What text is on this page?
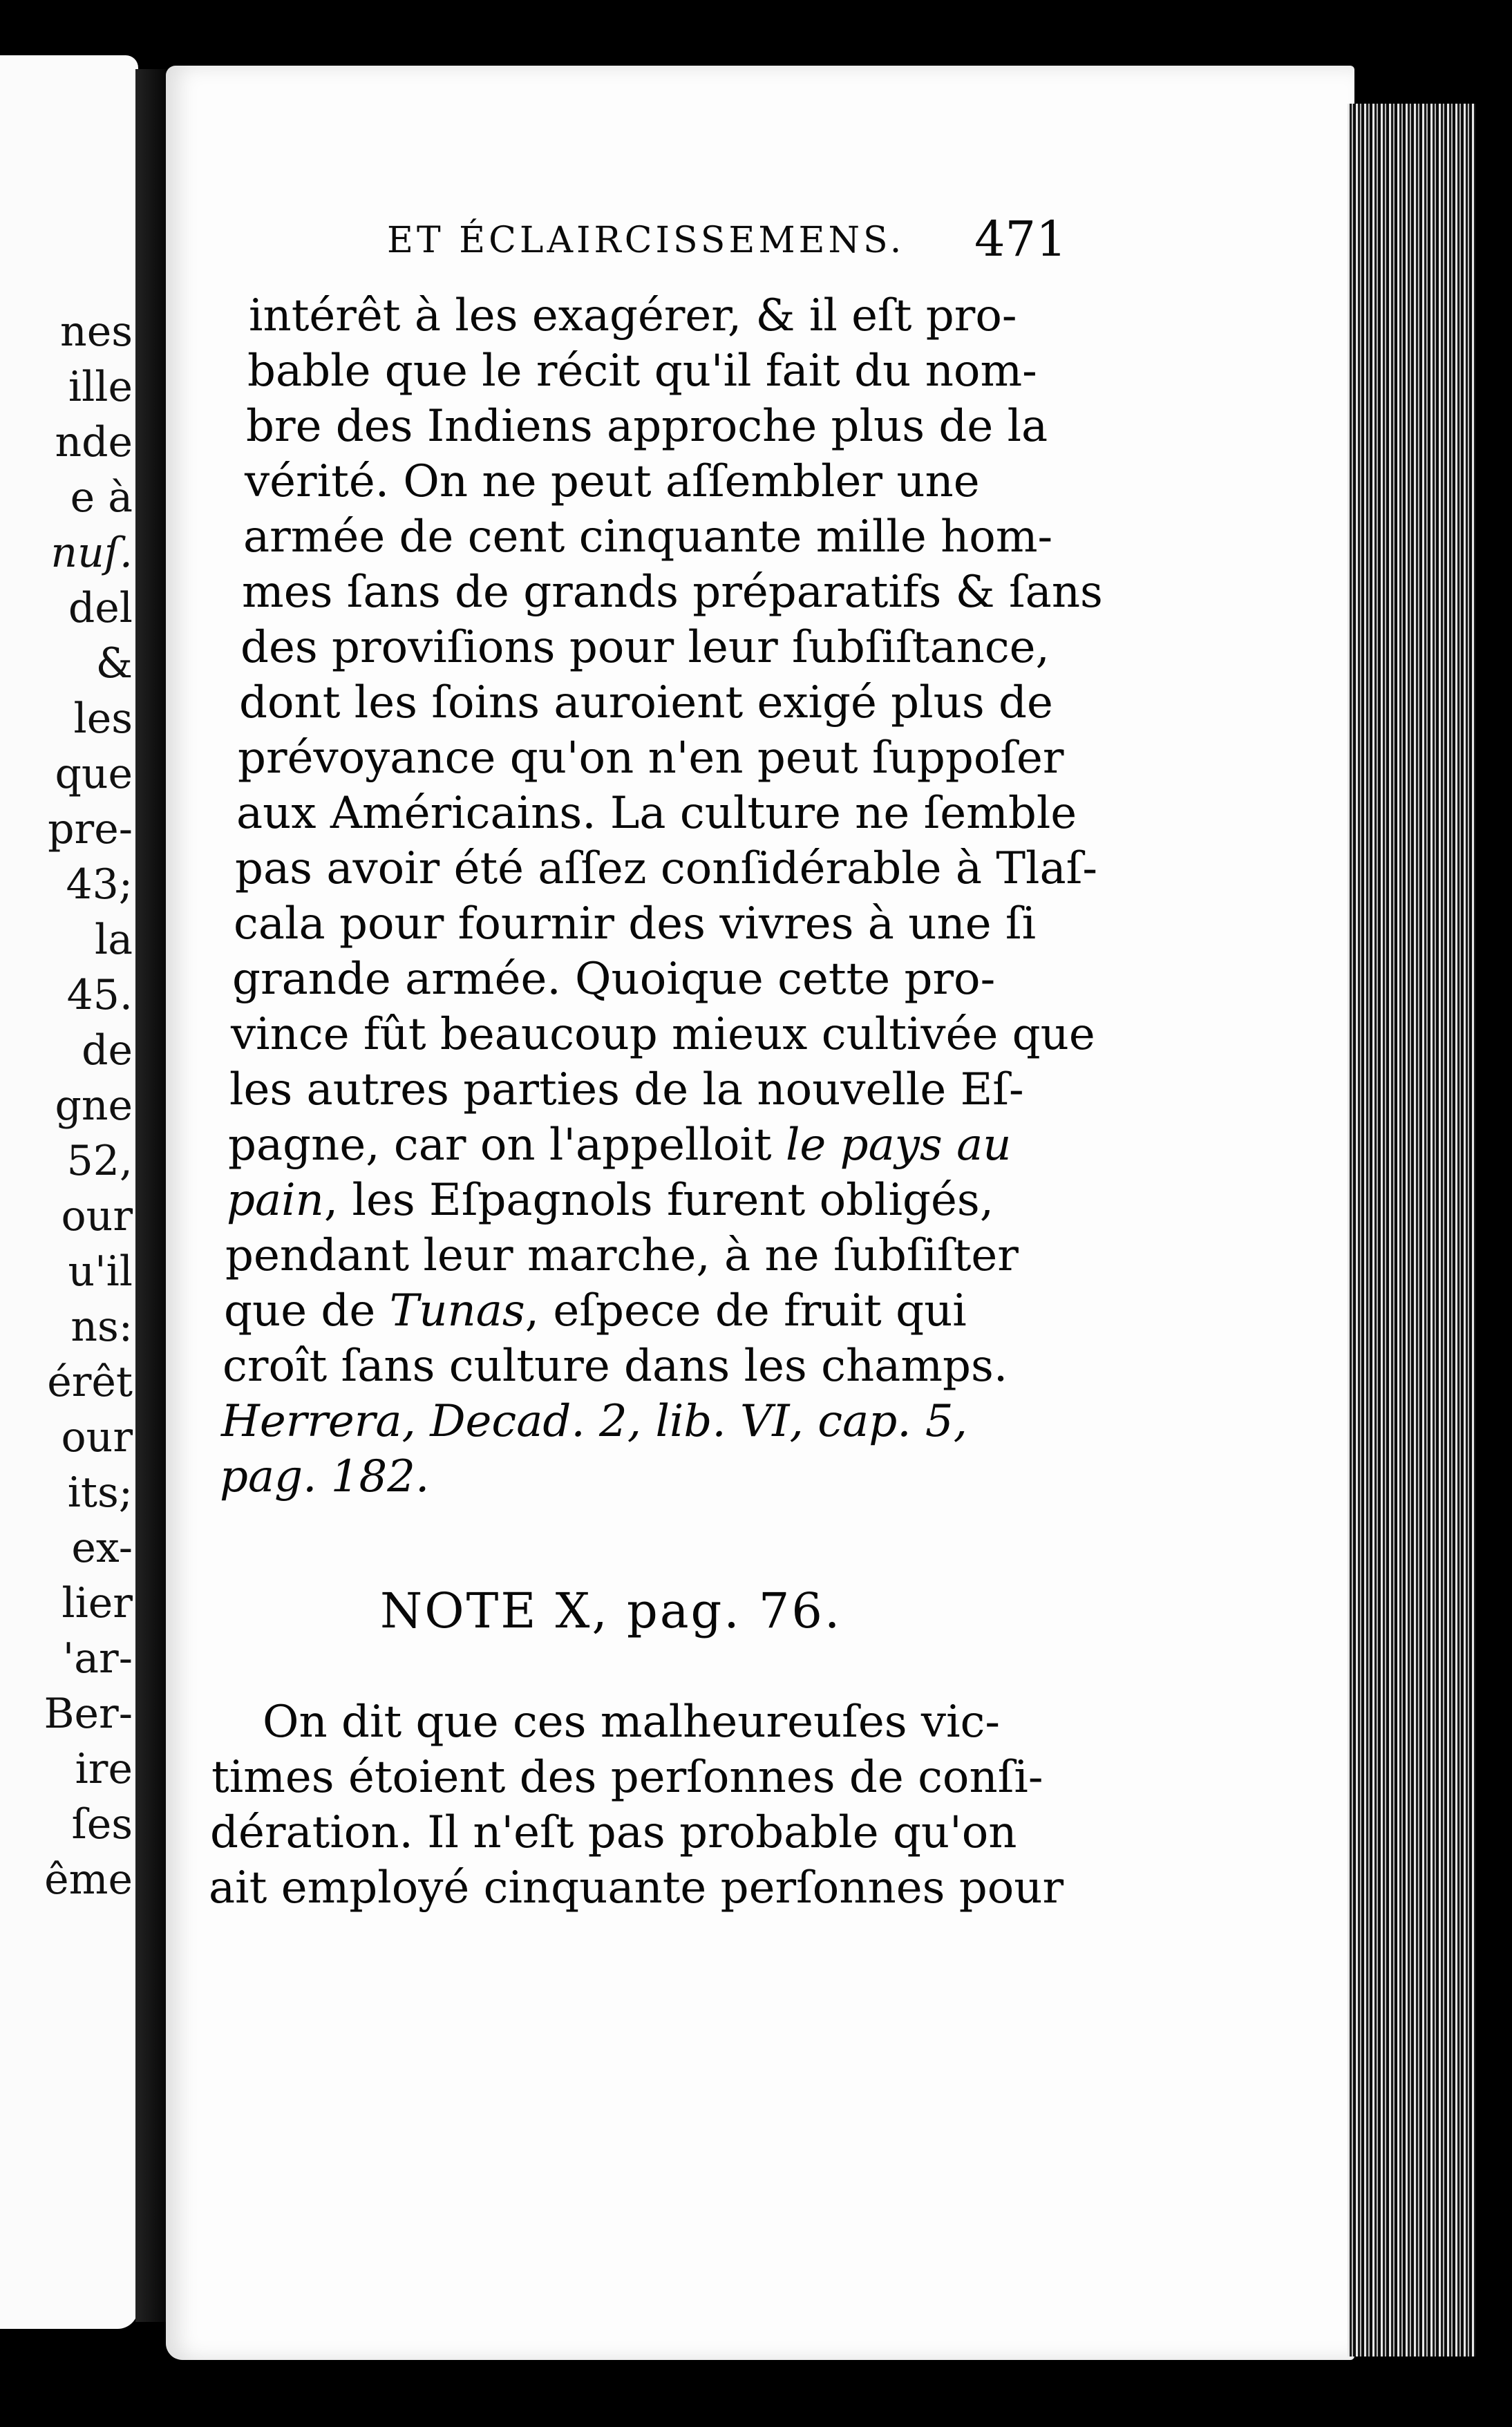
nes
ille
nde
e à
nuſ.
del
&
les
que
pre-
43;
la
45.
de
gne
52,
our
u'il
ns:
érêt
our
its;
ex-
lier
'ar-
Ber-
ire
ſes
ême
ET ÉCLAIRCISSEMENS. 471
intérêt à les exagérer, & il eſt pro-
bable que le récit qu'il fait du nom-
bre des Indiens approche plus de la
vérité. On ne peut aſſembler une
armée de cent cinquante mille hom-
mes ſans de grands préparatifs & ſans
des proviſions pour leur ſubſiſtance,
dont les ſoins auroient exigé plus de
prévoyance qu'on n'en peut ſuppoſer
aux Américains. La culture ne ſemble
pas avoir été aſſez conſidérable à Tlaſ-
cala pour fournir des vivres à une ſi
grande armée. Quoique cette pro-
vince fût beaucoup mieux cultivée que
les autres parties de la nouvelle Eſ-
pagne, car on l'appelloit le pays au
pain, les Eſpagnols furent obligés,
pendant leur marche, à ne ſubſiſter
que de Tunas, eſpece de fruit qui
croît ſans culture dans les champs.
Herrera, Decad. 2, lib. VI, cap. 5,
pag. 182.
NOTE X, pag. 76.
On dit que ces malheureuſes vic-
times étoient des perſonnes de conſi-
dération. Il n'eſt pas probable qu'on
ait employé cinquante perſonnes pour
